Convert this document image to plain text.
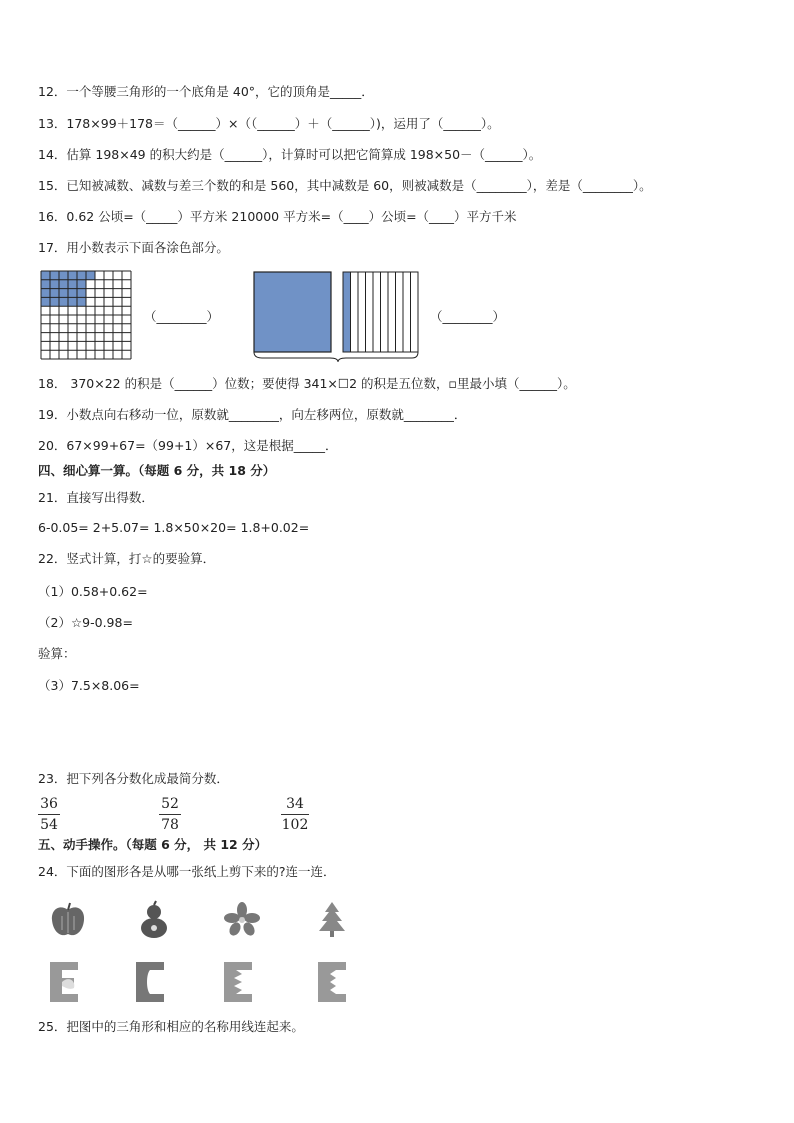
12．一个等腰三角形的一个底角是 40°，它的顶角是_____．
13．178×99＋178＝（______）×（（______）＋（______）)，运用了（______）。
14．估算 198×49 的积大约是（______），计算时可以把它简算成 198×50－（______）。
15．已知被减数、减数与差三个数的和是 560，其中减数是 60，则被减数是（________），差是（________）。
16．0.62 公顷=（_____）平方米 210000 平方米=（____）公顷=（____）平方千米
17．用小数表示下面各涂色部分。
（________）	（________）
18． 370×22 的积是（______）位数；要使得 341×☐2 的积是五位数，▫里最小填（______）。
19．小数点向右移动一位，原数就________，向左移两位，原数就________．
20．67×99+67=（99+1）×67，这是根据_____．
四、细心算一算。（每题 6 分，共 18 分）
21．直接写出得数．
6-0.05= 2+5.07= 1.8×50×20= 1.8+0.02=
22．竖式计算，打☆的要验算．
（1）0.58+0.62=
（2）☆9-0.98=
验算：
（3）7.5×8.06=
23．把下列各分数化成最简分数．
36
54
52
78
34
102
五、动手操作。（每题 6 分， 共 12 分）
24．下面的图形各是从哪一张纸上剪下来的?连一连．
25．把图中的三角形和相应的名称用线连起来。
